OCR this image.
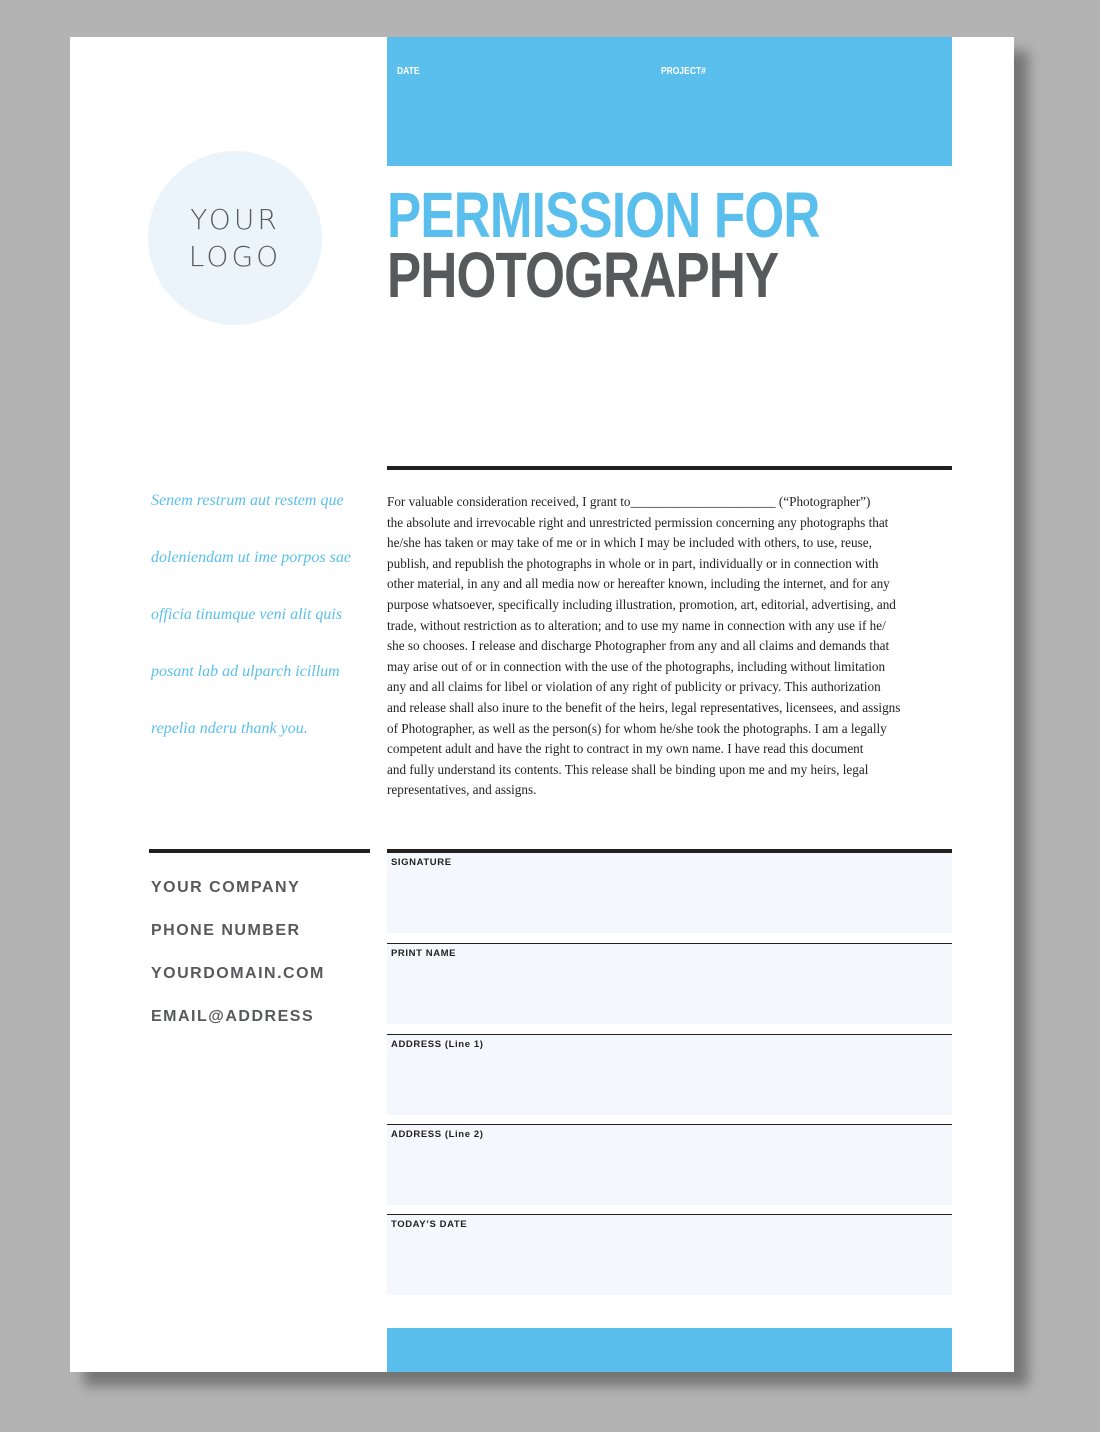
DATE	PROJECT#
YOUR
LOGO
PERMISSION FOR
PHOTOGRAPHY
Senem restrum aut restem que
doleniendam ut ime porpos sae
officia tinumque veni alit quis
posant lab ad ulparch icillum
repelia nderu thank you.
For valuable consideration received, I grant to______________________ (“Photographer”)
the absolute and irrevocable right and unrestricted permission concerning any photographs that
he/she has taken or may take of me or in which I may be included with others, to use, reuse,
publish, and republish the photographs in whole or in part, individually or in connection with
other material, in any and all media now or hereafter known, including the internet, and for any
purpose whatsoever, specifically including illustration, promotion, art, editorial, advertising, and
trade, without restriction as to alteration; and to use my name in connection with any use if he/
she so chooses. I release and discharge Photographer from any and all claims and demands that
may arise out of or in connection with the use of the photographs, including without limitation
any and all claims for libel or violation of any right of publicity or privacy. This authorization
and release shall also inure to the benefit of the heirs, legal representatives, licensees, and assigns
of Photographer, as well as the person(s) for whom he/she took the photographs. I am a legally
competent adult and have the right to contract in my own name. I have read this document
and fully understand its contents. This release shall be binding upon me and my heirs, legal
representatives, and assigns.
YOUR COMPANY
PHONE NUMBER
YOURDOMAIN.COM
EMAIL@ADDRESS
SIGNATURE
PRINT NAME
ADDRESS (Line 1)
ADDRESS (Line 2)
TODAY’S DATE
